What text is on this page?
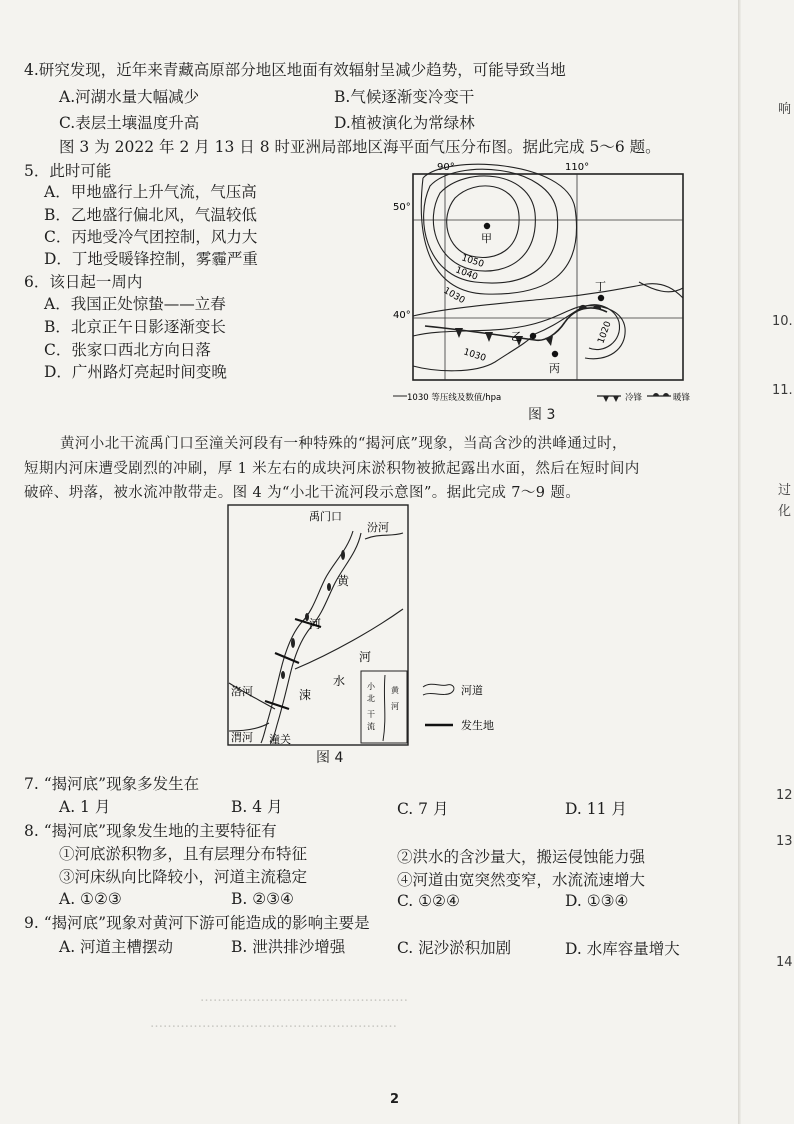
4.研究发现，近年来青藏高原部分地区地面有效辐射呈减少趋势，可能导致当地
A.河湖水量大幅减少	B.气候逐渐变冷变干
C.表层土壤温度升高	D.植被演化为常绿林
图 3 为 2022 年 2 月 13 日 8 时亚洲局部地区海平面气压分布图。据此完成 5～6 题。
5．此时可能
A．甲地盛行上升气流，气压高
B．乙地盛行偏北风，气温较低
C．丙地受冷气团控制，风力大
D．丁地受暖锋控制，雾霾严重
6．该日起一周内
A．我国正处惊蛰——立春
B．北京正午日影逐渐变长
C．张家口西北方向日落
D．广州路灯亮起时间变晚
90°	110°
50°
40°
甲
乙
丙
丁
1050
1040
1030
1030
1020
1030 等压线及数值/hpa	冷锋	暖锋
图 3
黄河小北干流禹门口至潼关河段有一种特殊的“揭河底”现象，当高含沙的洪峰通过时，
短期内河床遭受剧烈的冲刷，厚 1 米左右的成块河床淤积物被掀起露出水面，然后在短时间内
破碎、坍落，被水流冲散带走。图 4 为“小北干流河段示意图”。据此完成 7～9 题。
禹门口
汾河
黄
河
河
水
洛河	涑
渭河 潼关
小
北
干
流
黄
河
河道
发生地
图 4
7. “揭河底”现象多发生在
A. 1 月	B. 4 月	C. 7 月	D. 11 月
8. “揭河底”现象发生地的主要特征有
①河底淤积物多，且有层理分布特征	②洪水的含沙量大，搬运侵蚀能力强
③河床纵向比降较小，河道主流稳定	④河道由宽突然变窄，水流流速增大
A. ①②③	B. ②③④	C. ①②④	D. ①③④
9. “揭河底”现象对黄河下游可能造成的影响主要是
A. 河道主槽摆动	B. 泄洪排沙增强	C. 泥沙淤积加剧	D. 水库容量增大
…………………………………………
…………………………………………………
响
10.
11.
过
化
12
13
14
2
